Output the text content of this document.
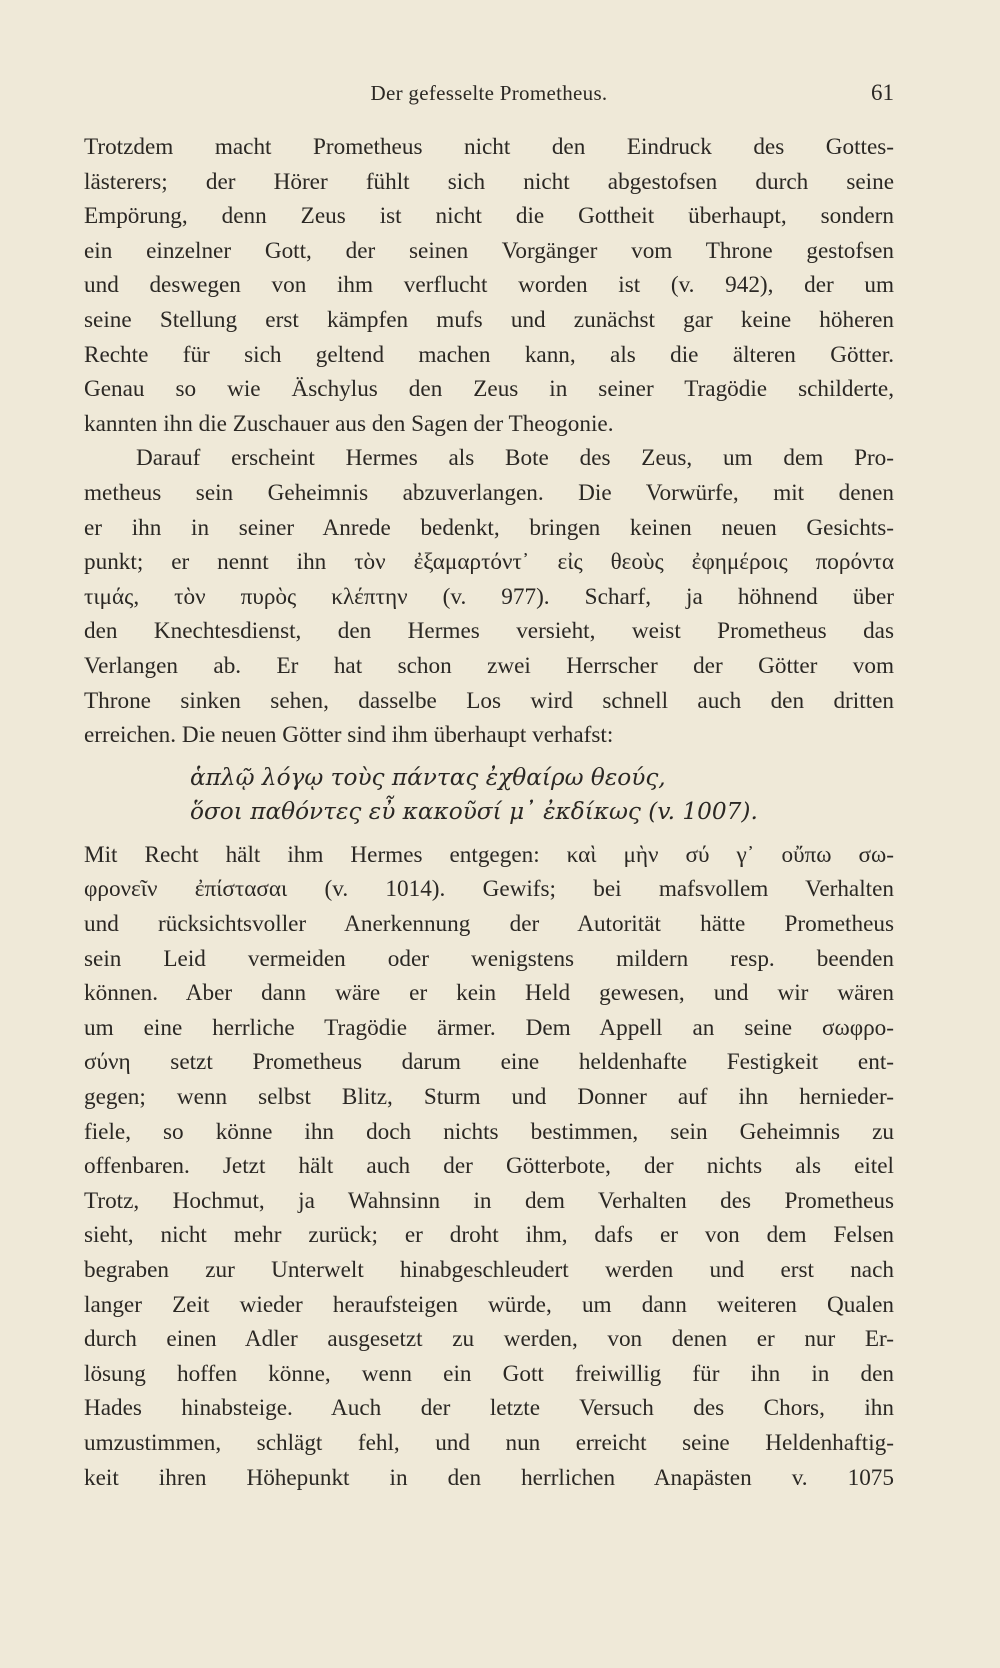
Der gefesselte Prometheus.	61
Trotzdem macht Prometheus nicht den Eindruck des Gottes-
lästerers; der Hörer fühlt sich nicht abgestofsen durch seine
Empörung, denn Zeus ist nicht die Gottheit überhaupt, sondern
ein einzelner Gott, der seinen Vorgänger vom Throne gestofsen
und deswegen von ihm verflucht worden ist (v. 942), der um
seine Stellung erst kämpfen mufs und zunächst gar keine höheren
Rechte für sich geltend machen kann, als die älteren Götter.
Genau so wie Äschylus den Zeus in seiner Tragödie schilderte,
kannten ihn die Zuschauer aus den Sagen der Theogonie.
Darauf erscheint Hermes als Bote des Zeus, um dem Pro-
metheus sein Geheimnis abzuverlangen. Die Vorwürfe, mit denen
er ihn in seiner Anrede bedenkt, bringen keinen neuen Gesichts-
punkt; er nennt ihn τὸν ἐξαμαρτόντ᾽ εἰς θεοὺς ἐφημέροις πορόντα
τιμάς, τὸν πυρὸς κλέπτην (v. 977). Scharf, ja höhnend über
den Knechtesdienst, den Hermes versieht, weist Prometheus das
Verlangen ab. Er hat schon zwei Herrscher der Götter vom
Throne sinken sehen, dasselbe Los wird schnell auch den dritten
erreichen. Die neuen Götter sind ihm überhaupt verhafst:
ἁπλῷ λόγῳ τοὺς πάντας ἐχθαίρω θεούς,
ὅσοι παθόντες εὖ κακοῦσί μ᾽ ἐκδίκως (v. 1007).
Mit Recht hält ihm Hermes entgegen: καὶ μὴν σύ γ᾽ οὔπω σω-
φρονεῖν ἐπίστασαι (v. 1014). Gewifs; bei mafsvollem Verhalten
und rücksichtsvoller Anerkennung der Autorität hätte Prometheus
sein Leid vermeiden oder wenigstens mildern resp. beenden
können. Aber dann wäre er kein Held gewesen, und wir wären
um eine herrliche Tragödie ärmer. Dem Appell an seine σωφρο-
σύνη setzt Prometheus darum eine heldenhafte Festigkeit ent-
gegen; wenn selbst Blitz, Sturm und Donner auf ihn hernieder-
fiele, so könne ihn doch nichts bestimmen, sein Geheimnis zu
offenbaren. Jetzt hält auch der Götterbote, der nichts als eitel
Trotz, Hochmut, ja Wahnsinn in dem Verhalten des Prometheus
sieht, nicht mehr zurück; er droht ihm, dafs er von dem Felsen
begraben zur Unterwelt hinabgeschleudert werden und erst nach
langer Zeit wieder heraufsteigen würde, um dann weiteren Qualen
durch einen Adler ausgesetzt zu werden, von denen er nur Er-
lösung hoffen könne, wenn ein Gott freiwillig für ihn in den
Hades hinabsteige. Auch der letzte Versuch des Chors, ihn
umzustimmen, schlägt fehl, und nun erreicht seine Heldenhaftig-
keit ihren Höhepunkt in den herrlichen Anapästen v. 1075
